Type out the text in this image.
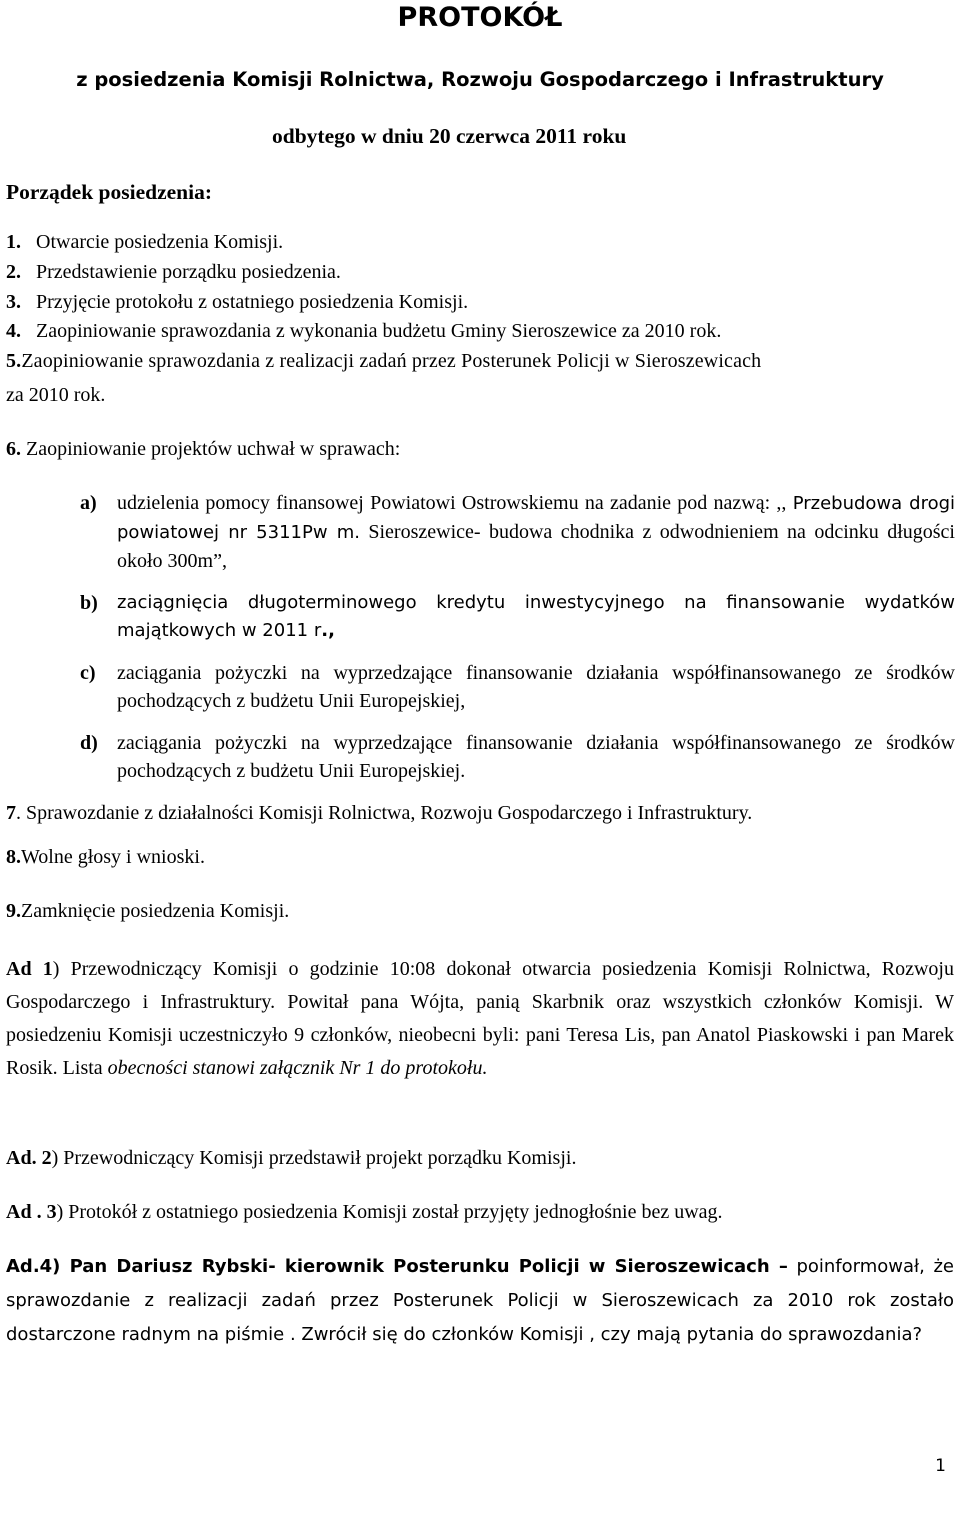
PROTOKÓŁ
z posiedzenia Komisji Rolnictwa, Rozwoju Gospodarczego i Infrastruktury
odbytego w dniu 20 czerwca 2011 roku
Porządek posiedzenia:
1. Otwarcie posiedzenia Komisji.
2. Przedstawienie porządku posiedzenia.
3. Przyjęcie protokołu z ostatniego posiedzenia Komisji.
4. Zaopiniowanie sprawozdania z wykonania budżetu Gminy Sieroszewice za 2010 rok.
5.Zaopiniowanie sprawozdania z realizacji zadań przez Posterunek Policji w Sieroszewicach
za 2010 rok.
6. Zaopiniowanie projektów uchwał w sprawach:
a) udzielenia pomocy finansowej Powiatowi Ostrowskiemu na zadanie pod nazwą: ,, Przebudowa drogi powiatowej nr 5311Pw m. Sieroszewice- budowa chodnika z odwodnieniem na odcinku długości około 300m”,
b) zaciągnięcia długoterminowego kredytu inwestycyjnego na finansowanie wydatków majątkowych w 2011 r.,
c) zaciągania pożyczki na wyprzedzające finansowanie działania współfinansowanego ze środków pochodzących z budżetu Unii Europejskiej,
d) zaciągania pożyczki na wyprzedzające finansowanie działania współfinansowanego ze środków pochodzących z budżetu Unii Europejskiej.
7. Sprawozdanie z działalności Komisji Rolnictwa, Rozwoju Gospodarczego i Infrastruktury.
8.Wolne głosy i wnioski.
9.Zamknięcie posiedzenia Komisji.
Ad 1) Przewodniczący Komisji o godzinie 10:08 dokonał otwarcia posiedzenia Komisji Rolnictwa, Rozwoju Gospodarczego i Infrastruktury. Powitał pana Wójta, panią Skarbnik oraz wszystkich członków Komisji. W posiedzeniu Komisji uczestniczyło 9 członków, nieobecni byli: pani Teresa Lis, pan Anatol Piaskowski i pan Marek Rosik. Lista obecności stanowi załącznik Nr 1 do protokołu.
Ad. 2) Przewodniczący Komisji przedstawił projekt porządku Komisji.
Ad . 3) Protokół z ostatniego posiedzenia Komisji został przyjęty jednogłośnie bez uwag.
Ad.4) Pan Dariusz Rybski- kierownik Posterunku Policji w Sieroszewicach – poinformował, że sprawozdanie z realizacji zadań przez Posterunek Policji w Sieroszewicach za 2010 rok zostało dostarczone radnym na piśmie . Zwrócił się do członków Komisji , czy mają pytania do sprawozdania?
1
